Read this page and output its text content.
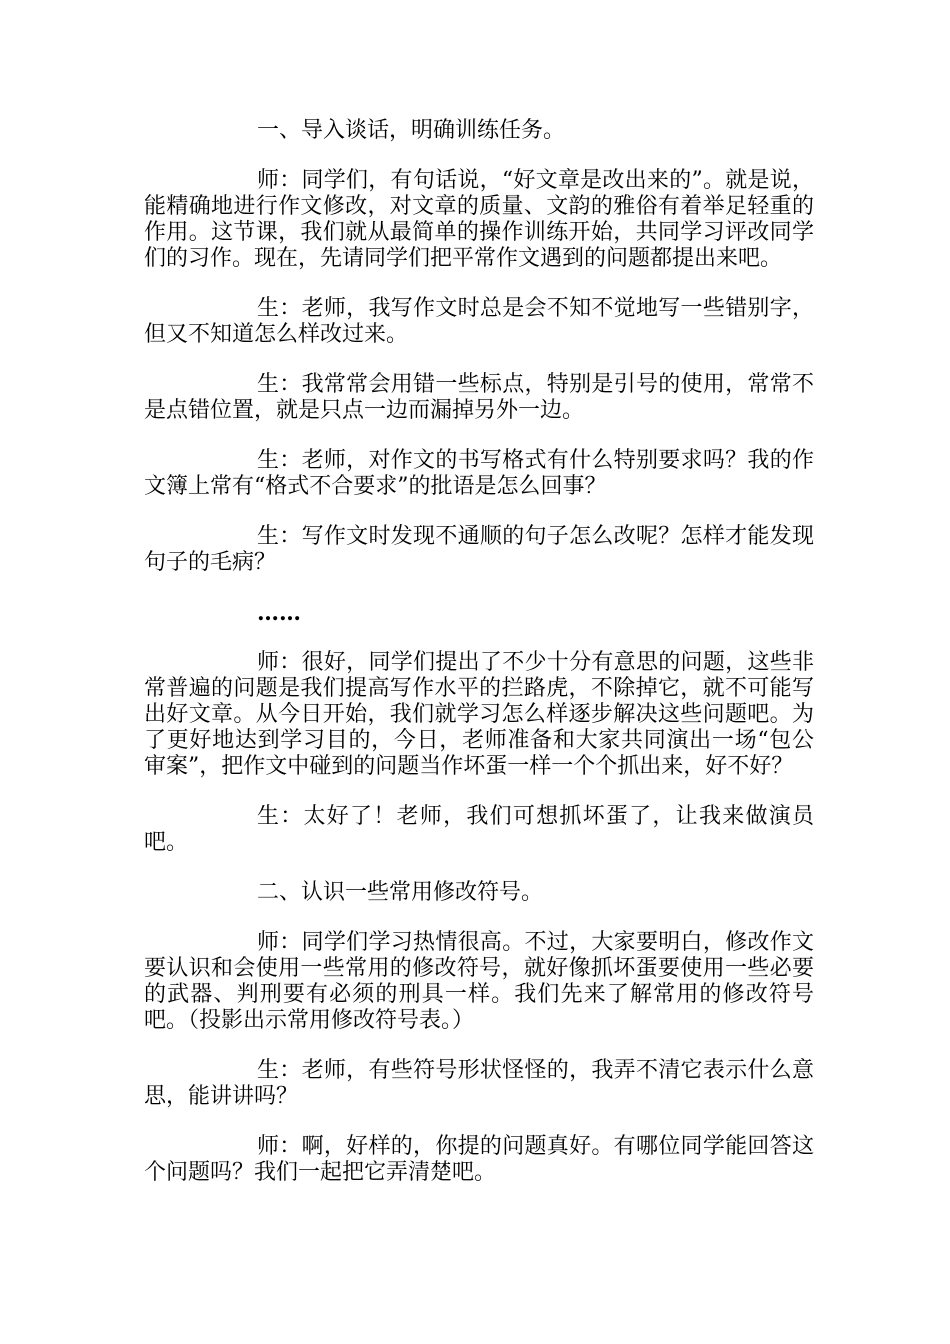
一、导入谈话，明确训练任务。

师：同学们，有句话说，“好文章是改出来的”。就是说，能精确地进行作文修改，对文章的质量、文韵的雅俗有着举足轻重的作用。这节课，我们就从最简单的操作训练开始，共同学习评改同学们的习作。现在，先请同学们把平常作文遇到的问题都提出来吧。

生：老师，我写作文时总是会不知不觉地写一些错别字，但又不知道怎么样改过来。

生：我常常会用错一些标点，特别是引号的使用，常常不是点错位置，就是只点一边而漏掉另外一边。

生：老师，对作文的书写格式有什么特别要求吗？我的作文簿上常有“格式不合要求”的批语是怎么回事？

生：写作文时发现不通顺的句子怎么改呢？怎样才能发现句子的毛病？

……

师：很好，同学们提出了不少十分有意思的问题，这些非常普遍的问题是我们提高写作水平的拦路虎，不除掉它，就不可能写出好文章。从今日开始，我们就学习怎么样逐步解决这些问题吧。为了更好地达到学习目的，今日，老师准备和大家共同演出一场“包公审案”，把作文中碰到的问题当作坏蛋一样一个个抓出来，好不好？

生：太好了！老师，我们可想抓坏蛋了，让我来做演员吧。

二、认识一些常用修改符号。

师：同学们学习热情很高。不过，大家要明白，修改作文要认识和会使用一些常用的修改符号，就好像抓坏蛋要使用一些必要的武器、判刑要有必须的刑具一样。我们先来了解常用的修改符号吧。（投影出示常用修改符号表。）

生：老师，有些符号形状怪怪的，我弄不清它表示什么意思，能讲讲吗？

师：啊，好样的，你提的问题真好。有哪位同学能回答这个问题吗？我们一起把它弄清楚吧。
